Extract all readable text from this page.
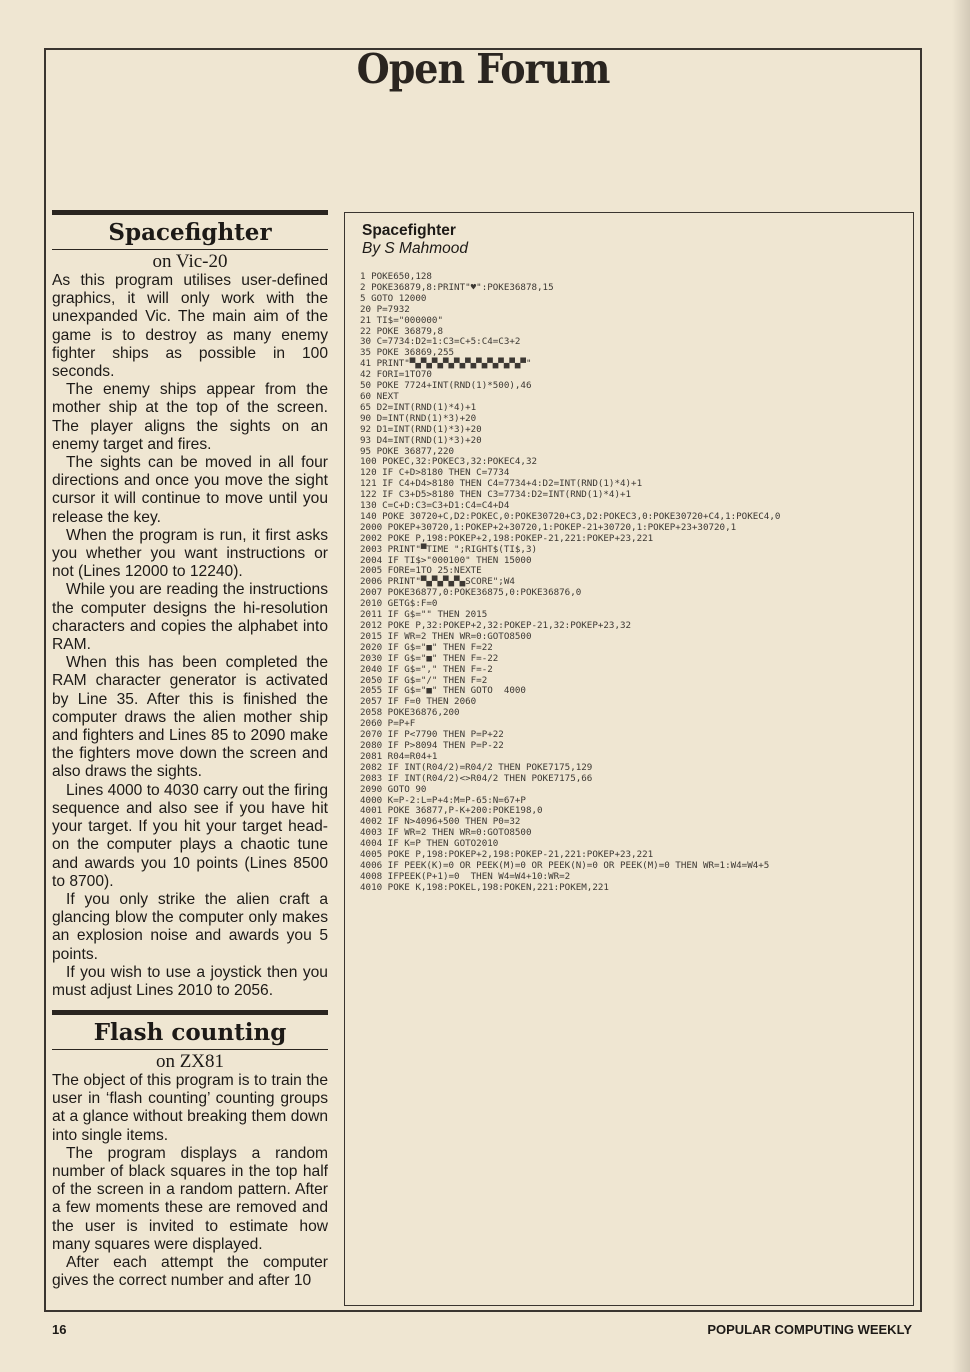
Open Forum
Spacefighter
on Vic-20

As this program utilises user-defined graphics, it will only work with the unexpanded Vic. The main aim of the game is to destroy as many enemy fighter ships as possible in 100 seconds.

The enemy ships appear from the mother ship at the top of the screen. The player aligns the sights on an enemy target and fires.

The sights can be moved in all four directions and once you move the sight cursor it will continue to move until you release the key.

When the program is run, it first asks you whether you want instructions or not (Lines 12000 to 12240).

While you are reading the instructions the computer designs the hi-resolution characters and copies the alphabet into RAM.

When this has been completed the RAM character generator is activated by Line 35. After this is finished the computer draws the alien mother ship and fighters and Lines 85 to 2090 make the fighters move down the screen and also draws the sights.

Lines 4000 to 4030 carry out the firing sequence and also see if you have hit your target. If you hit your target head-on the computer plays a chaotic tune and awards you 10 points (Lines 8500 to 8700).

If you only strike the alien craft a glancing blow the computer only makes an explosion noise and awards you 5 points.

If you wish to use a joystick then you must adjust Lines 2010 to 2056.

Flash counting
on ZX81

The object of this program is to train the user in ‘flash counting’ counting groups at a glance without breaking them down into single items.

The program displays a random number of black squares in the top half of the screen in a random pattern. After a few moments these are removed and the user is invited to estimate how many squares were displayed.

After each attempt the computer gives the correct number and after 10

Spacefighter
By S Mahmood
1 POKE650,128
2 POKE36879,8:PRINT"♥":POKE36878,15
5 GOTO 12000
20 P=7932
21 TI$="000000"
22 POKE 36879,8
30 C=7734:D2=1:C3=C+5:C4=C3+2
35 POKE 36869,255
41 PRINT"▀▄▀▄▀▄▀▄▀▄▀▄▀▄▀▄▀▄▀▄▀"
42 FORI=1TO70
50 POKE 7724+INT(RND(1)*500),46
60 NEXT
65 D2=INT(RND(1)*4)+1
90 D=INT(RND(1)*3)+20
92 D1=INT(RND(1)*3)+20
93 D4=INT(RND(1)*3)+20
95 POKE 36877,220
100 POKEC,32:POKEC3,32:POKEC4,32
120 IF C+D>8180 THEN C=7734
121 IF C4+D4>8180 THEN C4=7734+4:D2=INT(RND(1)*4)+1
122 IF C3+D5>8180 THEN C3=7734:D2=INT(RND(1)*4)+1
130 C=C+D:C3=C3+D1:C4=C4+D4
140 POKE 30720+C,D2:POKEC,0:POKE30720+C3,D2:POKEC3,0:POKE30720+C4,1:POKEC4,0
2000 POKEP+30720,1:POKEP+2+30720,1:POKEP-21+30720,1:POKEP+23+30720,1
2002 POKE P,198:POKEP+2,198:POKEP-21,221:POKEP+23,221
2003 PRINT"▀TIME ";RIGHT$(TI$,3)
2004 IF TI$>"000100" THEN 15000
2005 FORE=1TO 25:NEXTE
2006 PRINT"▀▄▀▄▀▄▀▄SCORE";W4
2007 POKE36877,0:POKE36875,0:POKE36876,0
2010 GETG$:F=0
2011 IF G$="" THEN 2015
2012 POKE P,32:POKEP+2,32:POKEP-21,32:POKEP+23,32
2015 IF WR=2 THEN WR=0:GOTO8500
2020 IF G$="■" THEN F=22
2030 IF G$="■" THEN F=-22
2040 IF G$="," THEN F=-2
2050 IF G$="/" THEN F=2
2055 IF G$="■" THEN GOTO  4000
2057 IF F=0 THEN 2060
2058 POKE36876,200
2060 P=P+F
2070 IF P<7790 THEN P=P+22
2080 IF P>8094 THEN P=P-22
2081 R04=R04+1
2082 IF INT(R04/2)=R04/2 THEN POKE7175,129
2083 IF INT(R04/2)<>R04/2 THEN POKE7175,66
2090 GOTO 90
4000 K=P-2:L=P+4:M=P-65:N=67+P
4001 POKE 36877,P-K+200:POKE198,0
4002 IF N>4096+500 THEN P0=32
4003 IF WR=2 THEN WR=0:GOTO8500
4004 IF K=P THEN GOTO2010
4005 POKE P,198:POKEP+2,198:POKEP-21,221:POKEP+23,221
4006 IF PEEK(K)=0 OR PEEK(M)=0 OR PEEK(N)=0 OR PEEK(M)=0 THEN WR=1:W4=W4+5
4008 IFPEEK(P+1)=0  THEN W4=W4+10:WR=2
4010 POKE K,198:POKEL,198:POKEN,221:POKEM,221
16	POPULAR COMPUTING WEEKLY
